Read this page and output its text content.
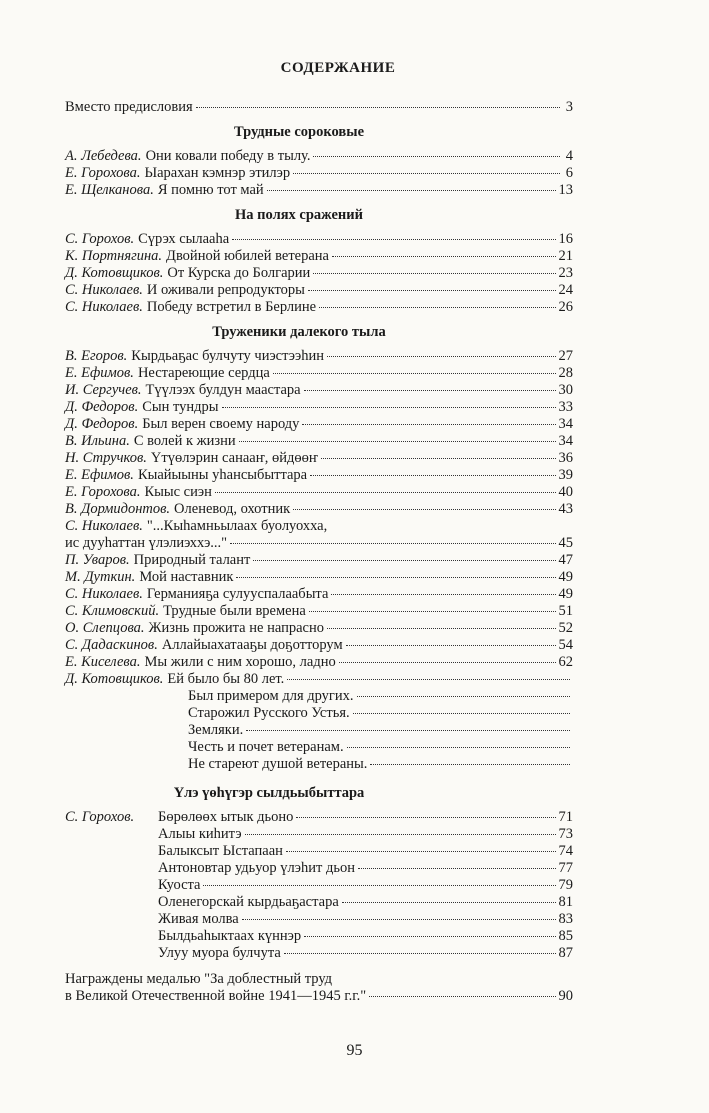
СОДЕРЖАНИЕ
Вместо предисловия	3
Трудные сороковые
А. Лебедева. Они ковали победу в тылу.	4
Е. Горохова. Ыарахан кэмнэр этилэр	6
Е. Щелканова. Я помню тот май	13
На полях сражений
С. Горохов. Сүрэх сылааһа	16
К. Портнягина. Двойной юбилей ветерана	21
Д. Котовщиков. От Курска до Болгарии	23
С. Николаев. И оживали репродукторы	24
С. Николаев. Победу встретил в Берлине	26
Труженики далекого тыла
В. Егоров. Кырдьаҕас булчуту чиэстээһин	27
Е. Ефимов. Нестареющие сердца	28
И. Сергучев. Түүлээх булдун маастара	30
Д. Федоров. Сын тундры	33
Д. Федоров. Был верен своему народу	34
В. Ильина. С волей к жизни	34
Н. Стручков. Үтүөлэрин санааҥ, өйдөөҥ	36
Е. Ефимов. Кыайыыны уһансыбыттара	39
Е. Горохова. Кыыс сиэн	40
В. Дормидонтов. Оленевод, охотник	43
С. Николаев. "...Кыһамньылаах буолуохха,
ис дууһаттан үлэлиэххэ..."	45
П. Уваров. Природный талант	47
М. Дуткин. Мой наставник	49
С. Николаев. Германияҕа сулууспалаабыта	49
С. Климовский. Трудные были времена	51
О. Слепцова. Жизнь прожита не напрасно	52
С. Дадаскинов. Аллайыахатааҕы доҕотторум	54
Е. Киселева. Мы жили с ним хорошо, ладно	62
Д. Котовщиков. Ей было бы 80 лет.
Был примером для других.
Старожил Русского Устья.
Земляки.
Честь и почет ветеранам.
Не стареют душой ветераны.
Үлэ үөһүгэр сылдьыбыттара
С. Горохов.	Бөрөлөөх ытык дьоно	71
Алыы киһитэ	73
Балыксыт Ыстапаан	74
Антоновтар удьуор үлэһит дьон	77
Куоста	79
Оленегорскай кырдьаҕастара	81
Живая молва	83
Былдьаһыктаах күннэр	85
Улуу муора булчута	87
Награждены медалью "За доблестный труд
в Великой Отечественной войне 1941—1945 г.г."	90
95
